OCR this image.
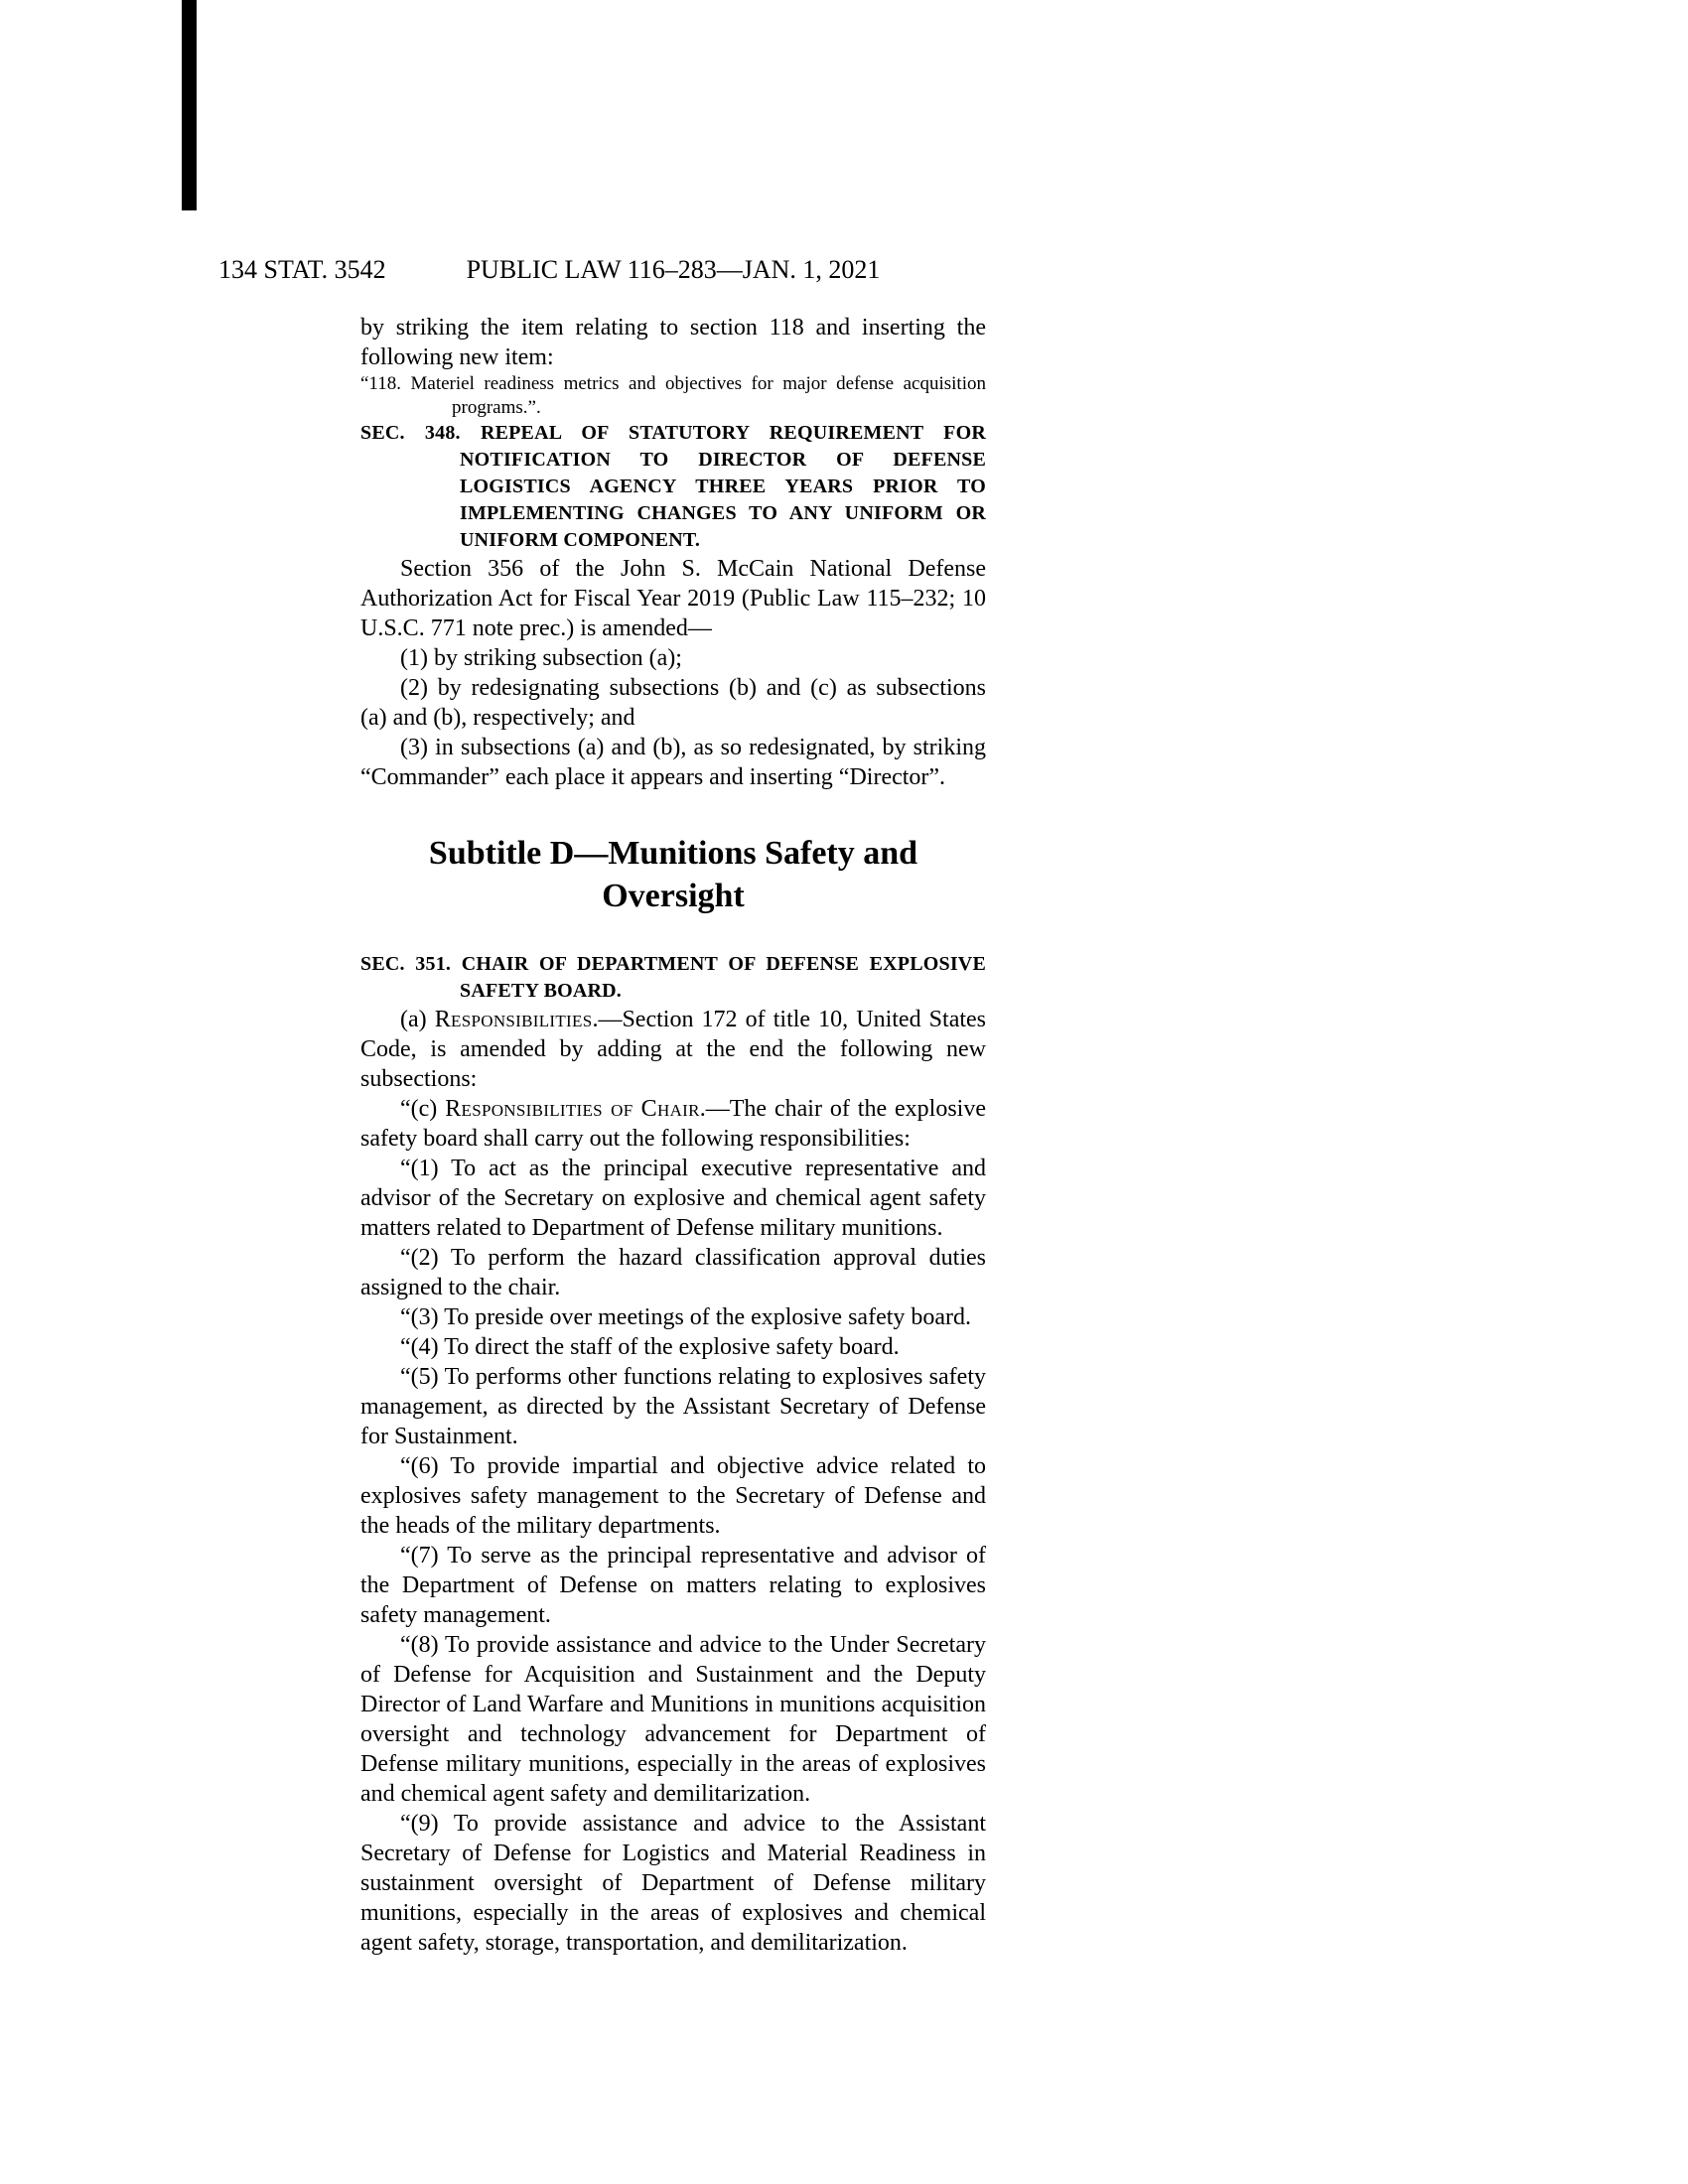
134 STAT. 3542	PUBLIC LAW 116–283—JAN. 1, 2021

by striking the item relating to section 118 and inserting the following new item:

“118. Materiel readiness metrics and objectives for major defense acquisition programs.”.

SEC. 348. REPEAL OF STATUTORY REQUIREMENT FOR NOTIFICATION TO DIRECTOR OF DEFENSE LOGISTICS AGENCY THREE YEARS PRIOR TO IMPLEMENTING CHANGES TO ANY UNIFORM OR UNIFORM COMPONENT.

Section 356 of the John S. McCain National Defense Authorization Act for Fiscal Year 2019 (Public Law 115–232; 10 U.S.C. 771 note prec.) is amended—

(1) by striking subsection (a);

(2) by redesignating subsections (b) and (c) as subsections (a) and (b), respectively; and

(3) in subsections (a) and (b), as so redesignated, by striking “Commander” each place it appears and inserting “Director”.

Subtitle D—Munitions Safety and Oversight

SEC. 351. CHAIR OF DEPARTMENT OF DEFENSE EXPLOSIVE SAFETY BOARD.

(a) Responsibilities.—Section 172 of title 10, United States Code, is amended by adding at the end the following new subsections:

“(c) Responsibilities of Chair.—The chair of the explosive safety board shall carry out the following responsibilities:

“(1) To act as the principal executive representative and advisor of the Secretary on explosive and chemical agent safety matters related to Department of Defense military munitions.

“(2) To perform the hazard classification approval duties assigned to the chair.

“(3) To preside over meetings of the explosive safety board.

“(4) To direct the staff of the explosive safety board.

“(5) To performs other functions relating to explosives safety management, as directed by the Assistant Secretary of Defense for Sustainment.

“(6) To provide impartial and objective advice related to explosives safety management to the Secretary of Defense and the heads of the military departments.

“(7) To serve as the principal representative and advisor of the Department of Defense on matters relating to explosives safety management.

“(8) To provide assistance and advice to the Under Secretary of Defense for Acquisition and Sustainment and the Deputy Director of Land Warfare and Munitions in munitions acquisition oversight and technology advancement for Department of Defense military munitions, especially in the areas of explosives and chemical agent safety and demilitarization.

“(9) To provide assistance and advice to the Assistant Secretary of Defense for Logistics and Material Readiness in sustainment oversight of Department of Defense military munitions, especially in the areas of explosives and chemical agent safety, storage, transportation, and demilitarization.
